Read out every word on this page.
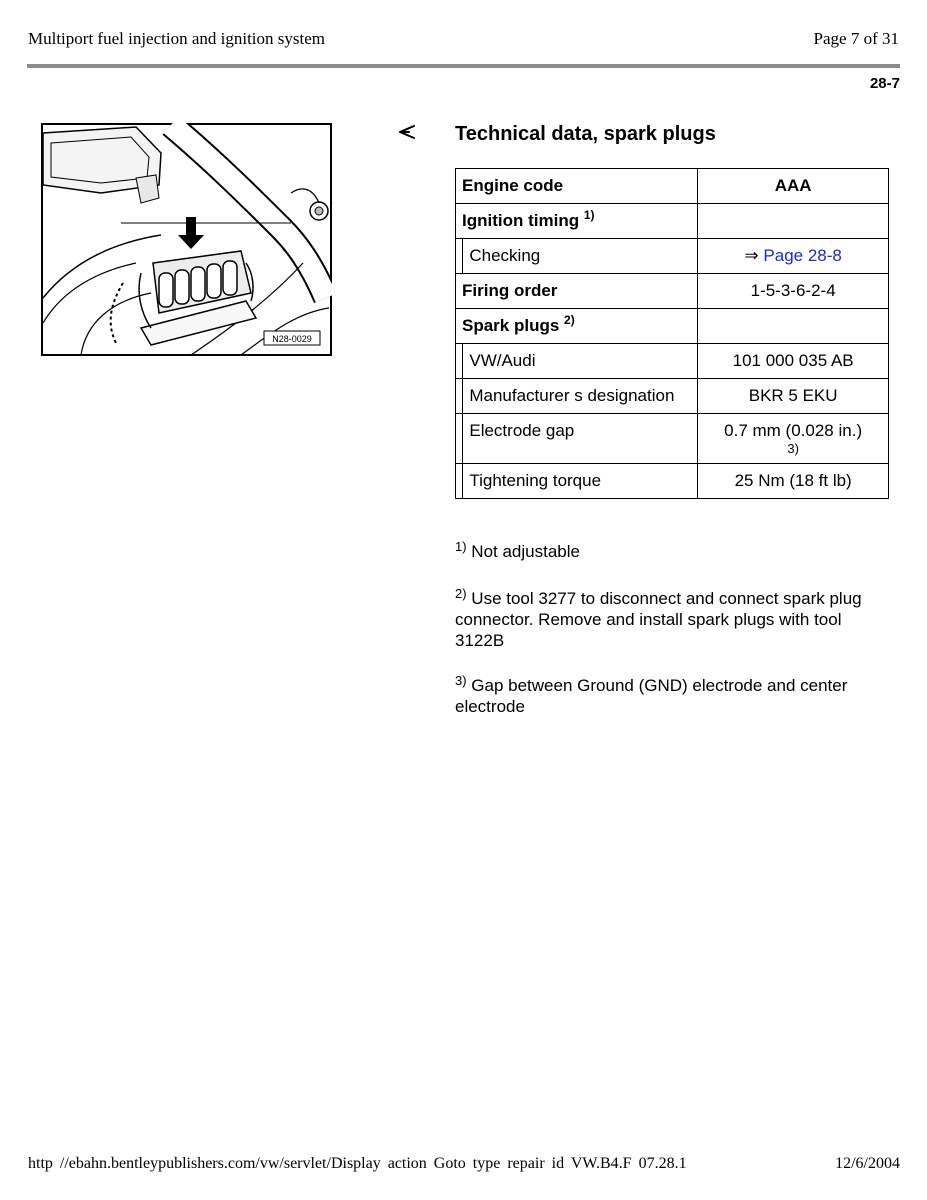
Multiport fuel injection and ignition system	Page 7 of 31
28-7
N28-0029
Technical data, spark plugs
Engine code		AAA
Ignition timing $^{1)}$	
	Checking	⇒ Page 28-8
Firing order		1-5-3-6-2-4
Spark plugs $^{2)}$	
	VW/Audi	101 000 035 AB
	Manufacturer s designation	BKR 5 EKU
	Electrode gap	0.7 mm (0.028 in.)
3)

	Tightening torque	25 Nm (18 ft lb)
$^{1)}$ Not adjustable
$^{2)}$ Use tool 3277 to disconnect and connect spark plug connector. Remove and install spark plugs with tool 3122B
$^{3)}$ Gap between Ground (GND) electrode and center electrode
http //ebahn.bentleypublishers.com/vw/servlet/Display action Goto type repair id VW.B4.F 07.28.1	12/6/2004
